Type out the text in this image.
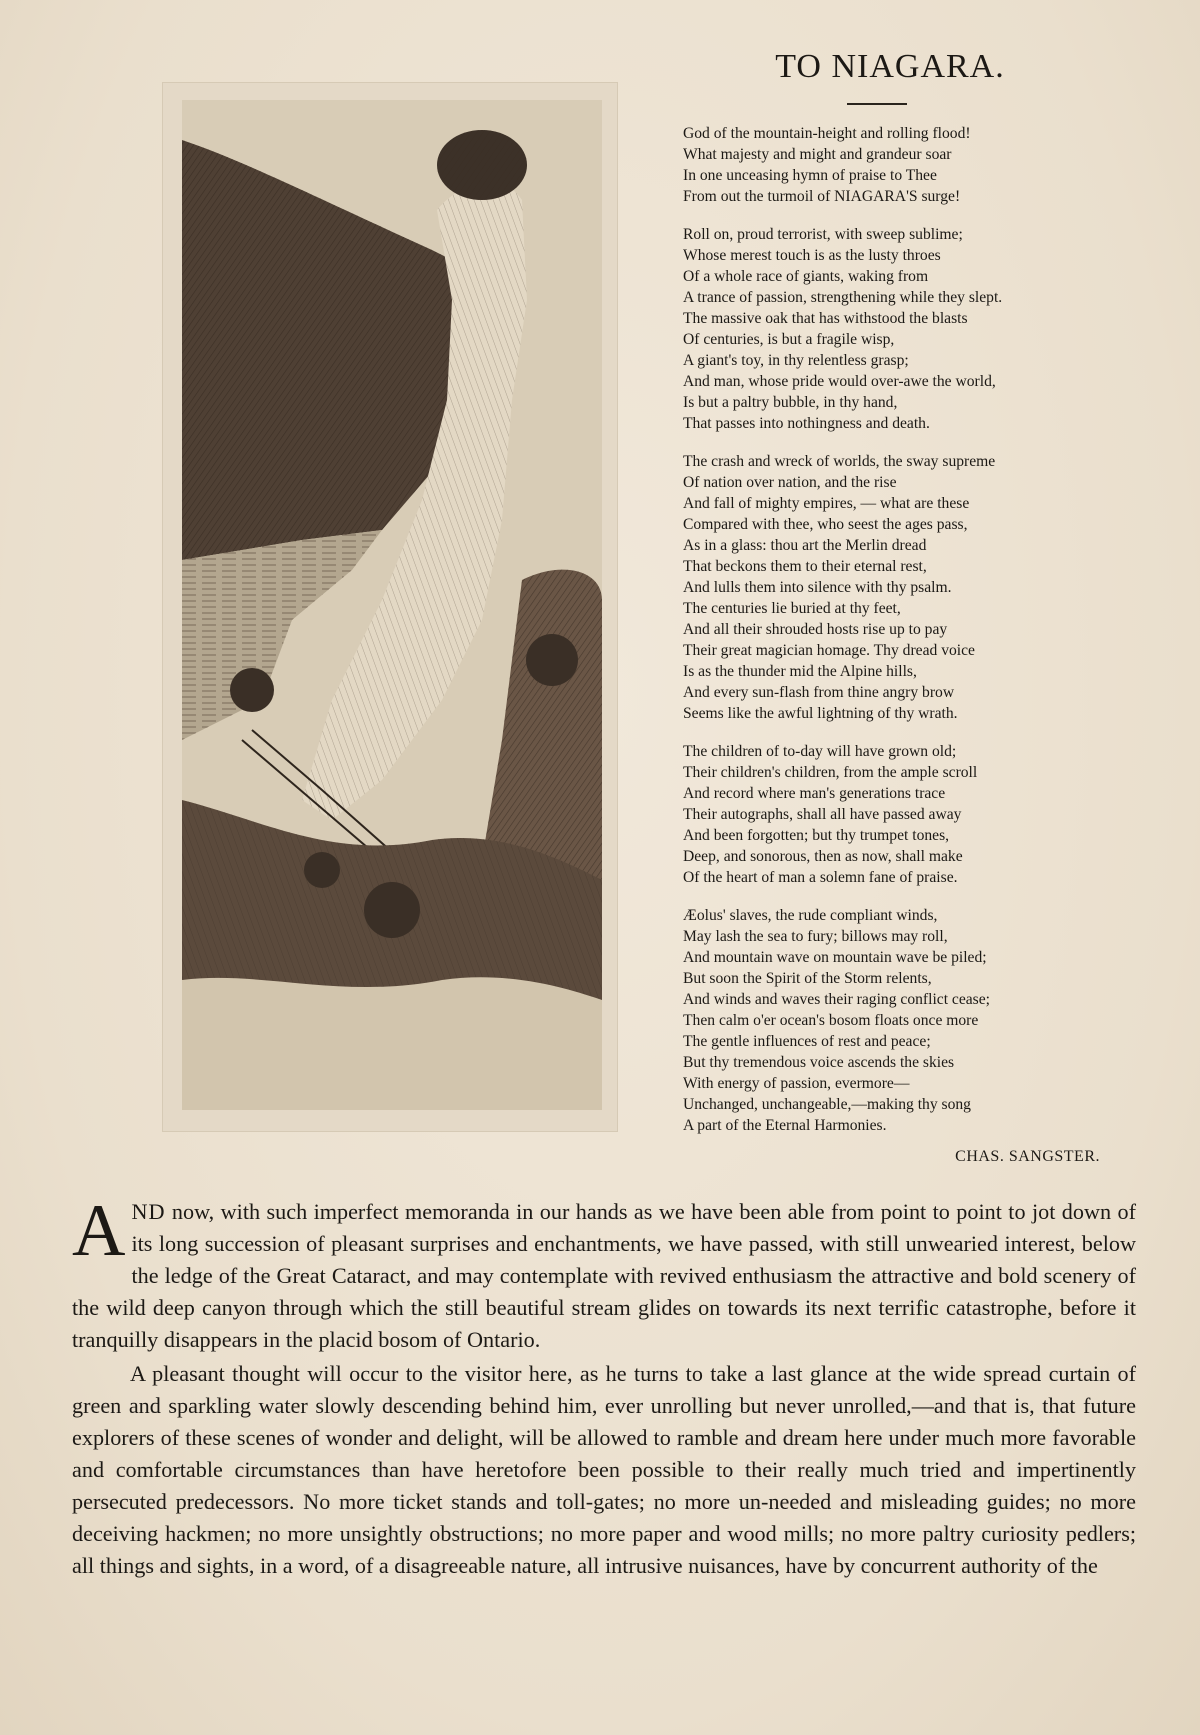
TO NIAGARA.
God of the mountain-height and rolling flood!
What majesty and might and grandeur soar
In one unceasing hymn of praise to Thee
From out the turmoil of NIAGARA'S surge!
Roll on, proud terrorist, with sweep sublime;
Whose merest touch is as the lusty throes
Of a whole race of giants, waking from
A trance of passion, strengthening while they slept.
The massive oak that has withstood the blasts
Of centuries, is but a fragile wisp,
A giant's toy, in thy relentless grasp;
And man, whose pride would over-awe the world,
Is but a paltry bubble, in thy hand,
That passes into nothingness and death.
The crash and wreck of worlds, the sway supreme
Of nation over nation, and the rise
And fall of mighty empires, — what are these
Compared with thee, who seest the ages pass,
As in a glass: thou art the Merlin dread
That beckons them to their eternal rest,
And lulls them into silence with thy psalm.
The centuries lie buried at thy feet,
And all their shrouded hosts rise up to pay
Their great magician homage. Thy dread voice
Is as the thunder mid the Alpine hills,
And every sun-flash from thine angry brow
Seems like the awful lightning of thy wrath.
The children of to-day will have grown old;
Their children's children, from the ample scroll
And record where man's generations trace
Their autographs, shall all have passed away
And been forgotten; but thy trumpet tones,
Deep, and sonorous, then as now, shall make
Of the heart of man a solemn fane of praise.
Æolus' slaves, the rude compliant winds,
May lash the sea to fury; billows may roll,
And mountain wave on mountain wave be piled;
But soon the Spirit of the Storm relents,
And winds and waves their raging conflict cease;
Then calm o'er ocean's bosom floats once more
The gentle influences of rest and peace;
But thy tremendous voice ascends the skies
With energy of passion, evermore—
Unchanged, unchangeable,—making thy song
A part of the Eternal Harmonies.
CHAS. SANGSTER.

AND now, with such imperfect memoranda in our hands as we have been able from point to point to jot down of its long succession of pleasant surprises and enchantments, we have passed, with still unwearied interest, below the ledge of the Great Cataract, and may contemplate with revived enthusiasm the attractive and bold scenery of the wild deep canyon through which the still beautiful stream glides on towards its next terrific catastrophe, before it tranquilly disappears in the placid bosom of Ontario.

A pleasant thought will occur to the visitor here, as he turns to take a last glance at the wide spread curtain of green and sparkling water slowly descending behind him, ever unrolling but never unrolled,—and that is, that future explorers of these scenes of wonder and delight, will be allowed to ramble and dream here under much more favorable and comfortable circumstances than have heretofore been possible to their really much tried and impertinently persecuted predecessors. No more ticket stands and toll-gates; no more un-needed and misleading guides; no more deceiving hackmen; no more unsightly obstructions; no more paper and wood mills; no more paltry curiosity pedlers; all things and sights, in a word, of a disagreeable nature, all intrusive nuisances, have by concurrent authority of the
